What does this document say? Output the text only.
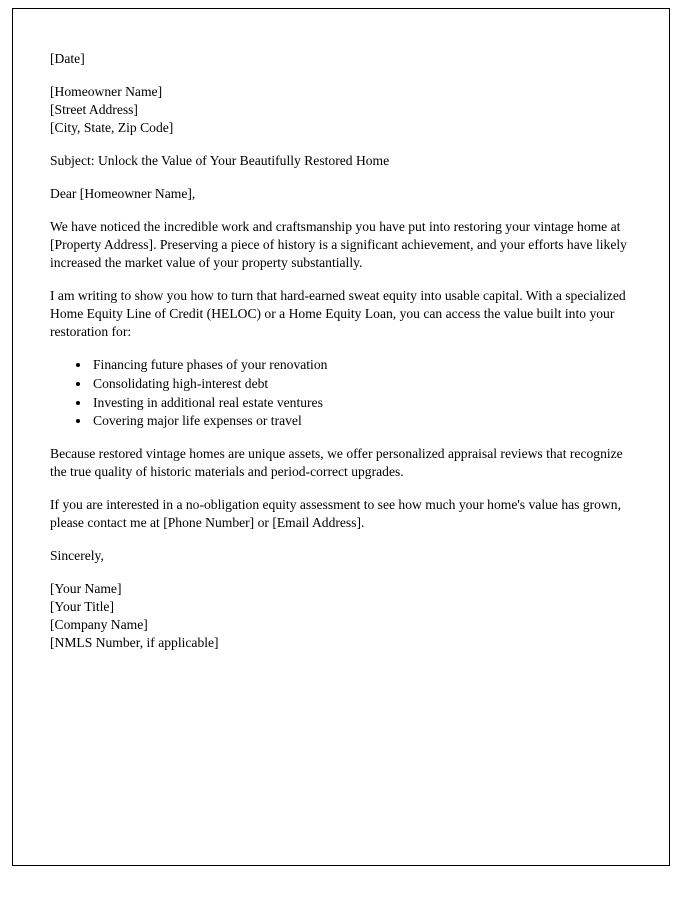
[Date]
[Homeowner Name]
[Street Address]
[City, State, Zip Code]

Subject: Unlock the Value of Your Beautifully Restored Home

Dear [Homeowner Name],

We have noticed the incredible work and craftsmanship you have put into restoring your vintage home at [Property Address]. Preserving a piece of history is a significant achievement, and your efforts have likely increased the market value of your property substantially.

I am writing to show you how to turn that hard-earned sweat equity into usable capital. With a specialized Home Equity Line of Credit (HELOC) or a Home Equity Loan, you can access the value built into your restoration for:

• Financing future phases of your renovation
• Consolidating high-interest debt
• Investing in additional real estate ventures
• Covering major life expenses or travel

Because restored vintage homes are unique assets, we offer personalized appraisal reviews that recognize the true quality of historic materials and period-correct upgrades.

If you are interested in a no-obligation equity assessment to see how much your home's value has grown, please contact me at [Phone Number] or [Email Address].

Sincerely,

[Your Name]
[Your Title]
[Company Name]
[NMLS Number, if applicable]
